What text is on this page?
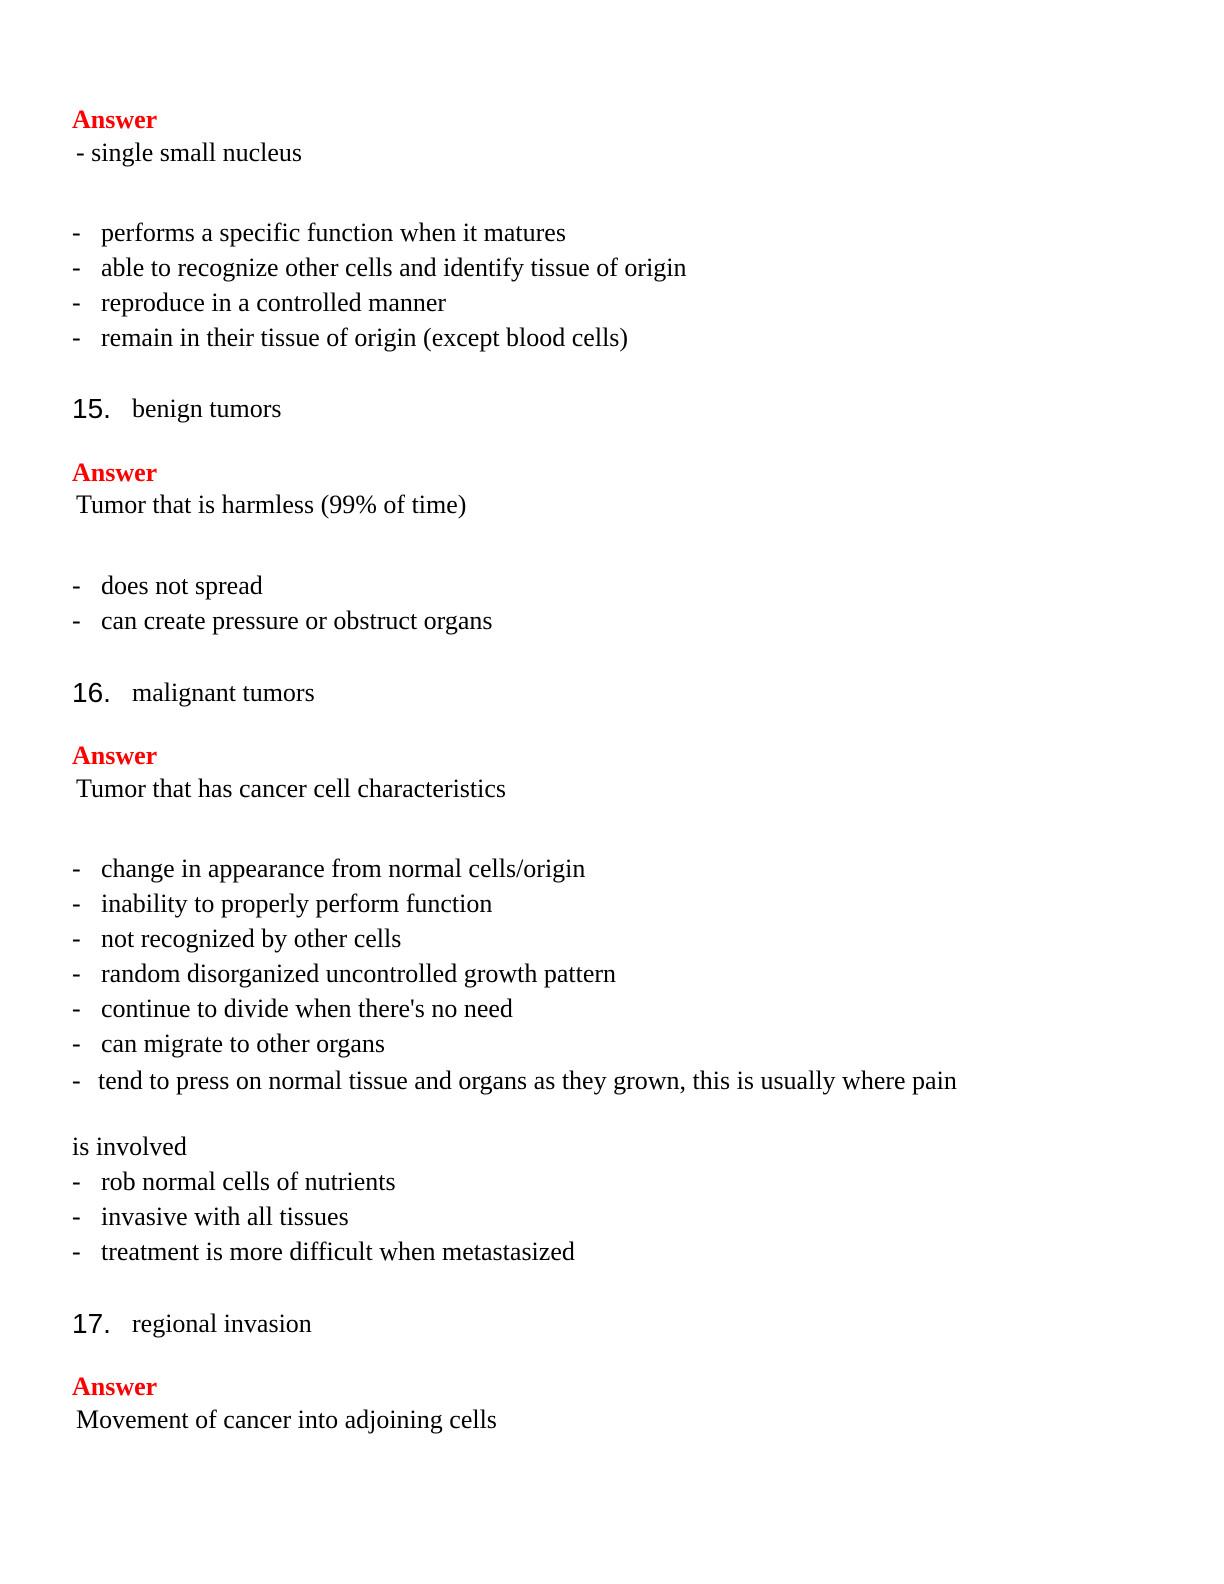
Answer
- single small nucleus
- performs a specific function when it matures
- able to recognize other cells and identify tissue of origin
- reproduce in a controlled manner
- remain in their tissue of origin (except blood cells)
15. benign tumors
Answer
Tumor that is harmless (99% of time)
- does not spread
- can create pressure or obstruct organs
16. malignant tumors
Answer
Tumor that has cancer cell characteristics
- change in appearance from normal cells/origin
- inability to properly perform function
- not recognized by other cells
- random disorganized uncontrolled growth pattern
- continue to divide when there's no need
- can migrate to other organs
- tend to press on normal tissue and organs as they grown, this is usually where pain
is involved
- rob normal cells of nutrients
- invasive with all tissues
- treatment is more difficult when metastasized
17. regional invasion
Answer
Movement of cancer into adjoining cells
